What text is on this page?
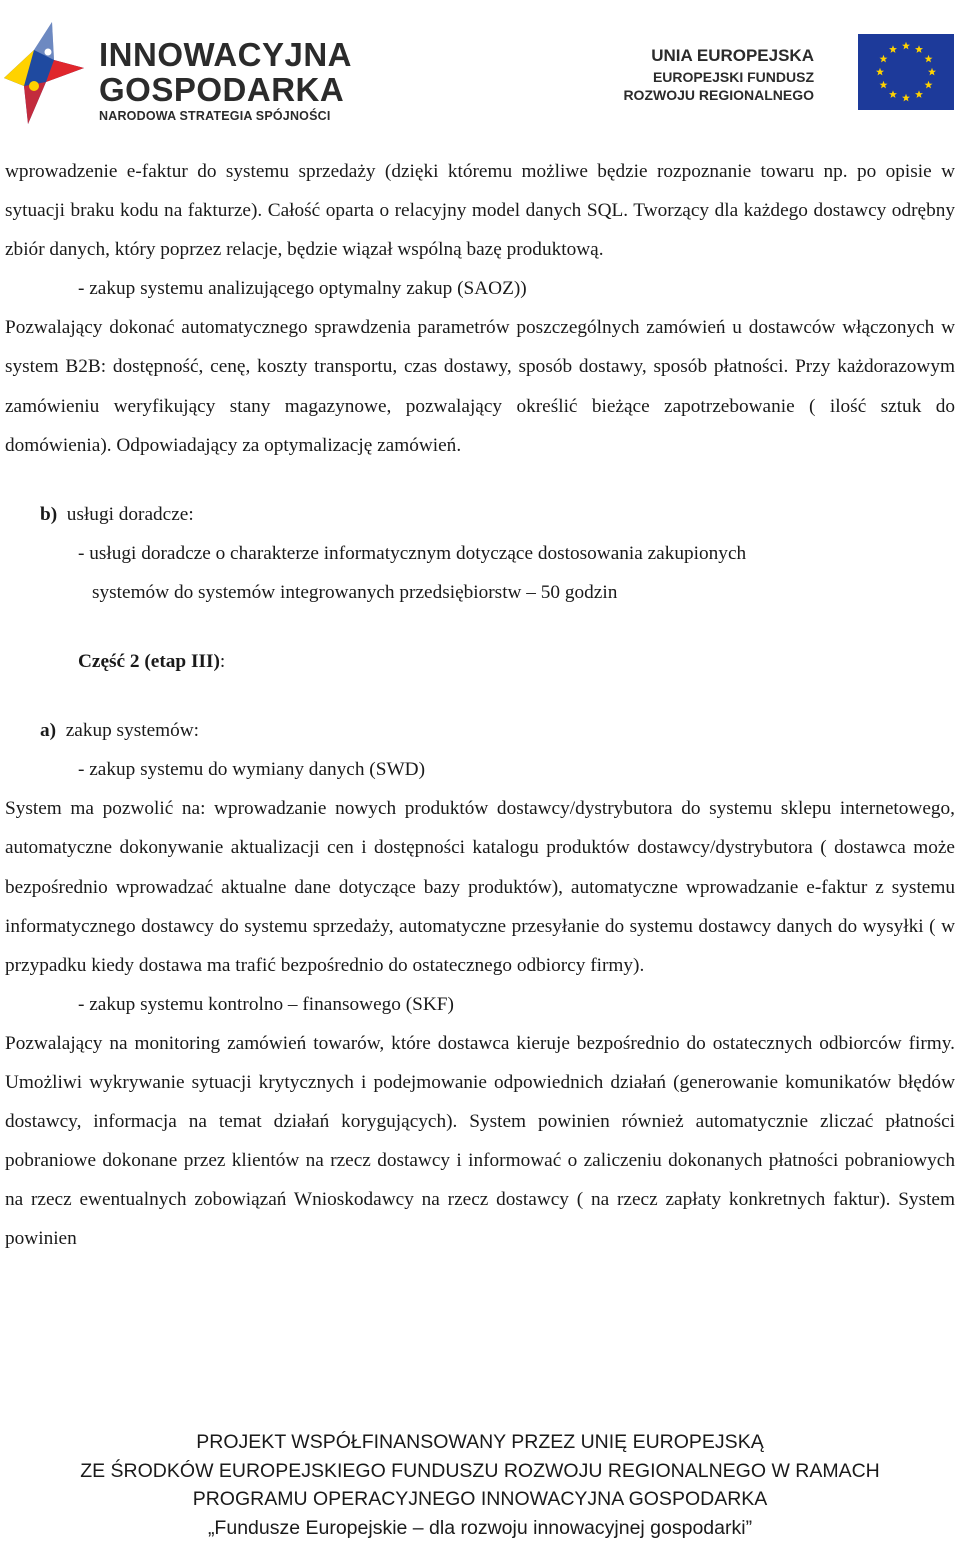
INNOWACYJNA
GOSPODARKA
NARODOWA STRATEGIA SPÓJNOŚCI
UNIA EUROPEJSKA
EUROPEJSKI FUNDUSZ
ROZWOJU REGIONALNEGO

wprowadzenie e-faktur do systemu sprzedaży (dzięki któremu możliwe będzie rozpoznanie towaru np. po opisie w sytuacji braku kodu na fakturze). Całość oparta o relacyjny model danych SQL. Tworzący dla każdego dostawcy odrębny zbiór danych, który poprzez relacje, będzie wiązał wspólną bazę produktową.

- zakup systemu analizującego optymalny zakup (SAOZ))

Pozwalający dokonać automatycznego sprawdzenia parametrów poszczególnych zamówień u dostawców włączonych w system B2B: dostępność, cenę, koszty transportu, czas dostawy, sposób dostawy, sposób płatności. Przy każdorazowym zamówieniu weryfikujący stany magazynowe, pozwalający określić bieżące zapotrzebowanie ( ilość sztuk do domówienia). Odpowiadający za optymalizację zamówień.

b) usługi doradcze:

- usługi doradcze o charakterze informatycznym dotyczące dostosowania zakupionych

systemów do systemów integrowanych przedsiębiorstw – 50 godzin

Część 2 (etap III):

a) zakup systemów:

- zakup systemu do wymiany danych (SWD)

System ma pozwolić na: wprowadzanie nowych produktów dostawcy/dystrybutora do systemu sklepu internetowego, automatyczne dokonywanie aktualizacji cen i dostępności katalogu produktów dostawcy/dystrybutora ( dostawca może bezpośrednio wprowadzać aktualne dane dotyczące bazy produktów), automatyczne wprowadzanie e-faktur z systemu informatycznego dostawcy do systemu sprzedaży, automatyczne przesyłanie do systemu dostawcy danych do wysyłki ( w przypadku kiedy dostawa ma trafić bezpośrednio do ostatecznego odbiorcy firmy).

- zakup systemu kontrolno – finansowego (SKF)

Pozwalający na monitoring zamówień towarów, które dostawca kieruje bezpośrednio do ostatecznych odbiorców firmy. Umożliwi wykrywanie sytuacji krytycznych i podejmowanie odpowiednich działań (generowanie komunikatów błędów dostawcy, informacja na temat działań korygujących). System powinien również automatycznie zliczać płatności pobraniowe dokonane przez klientów na rzecz dostawcy i informować o zaliczeniu dokonanych płatności pobraniowych na rzecz ewentualnych zobowiązań Wnioskodawcy na rzecz dostawcy ( na rzecz zapłaty konkretnych faktur). System powinien

PROJEKT WSPÓŁFINANSOWANY PRZEZ UNIĘ EUROPEJSKĄ
ZE ŚRODKÓW EUROPEJSKIEGO FUNDUSZU ROZWOJU REGIONALNEGO W RAMACH
PROGRAMU OPERACYJNEGO INNOWACYJNA GOSPODARKA
„Fundusze Europejskie – dla rozwoju innowacyjnej gospodarki”
